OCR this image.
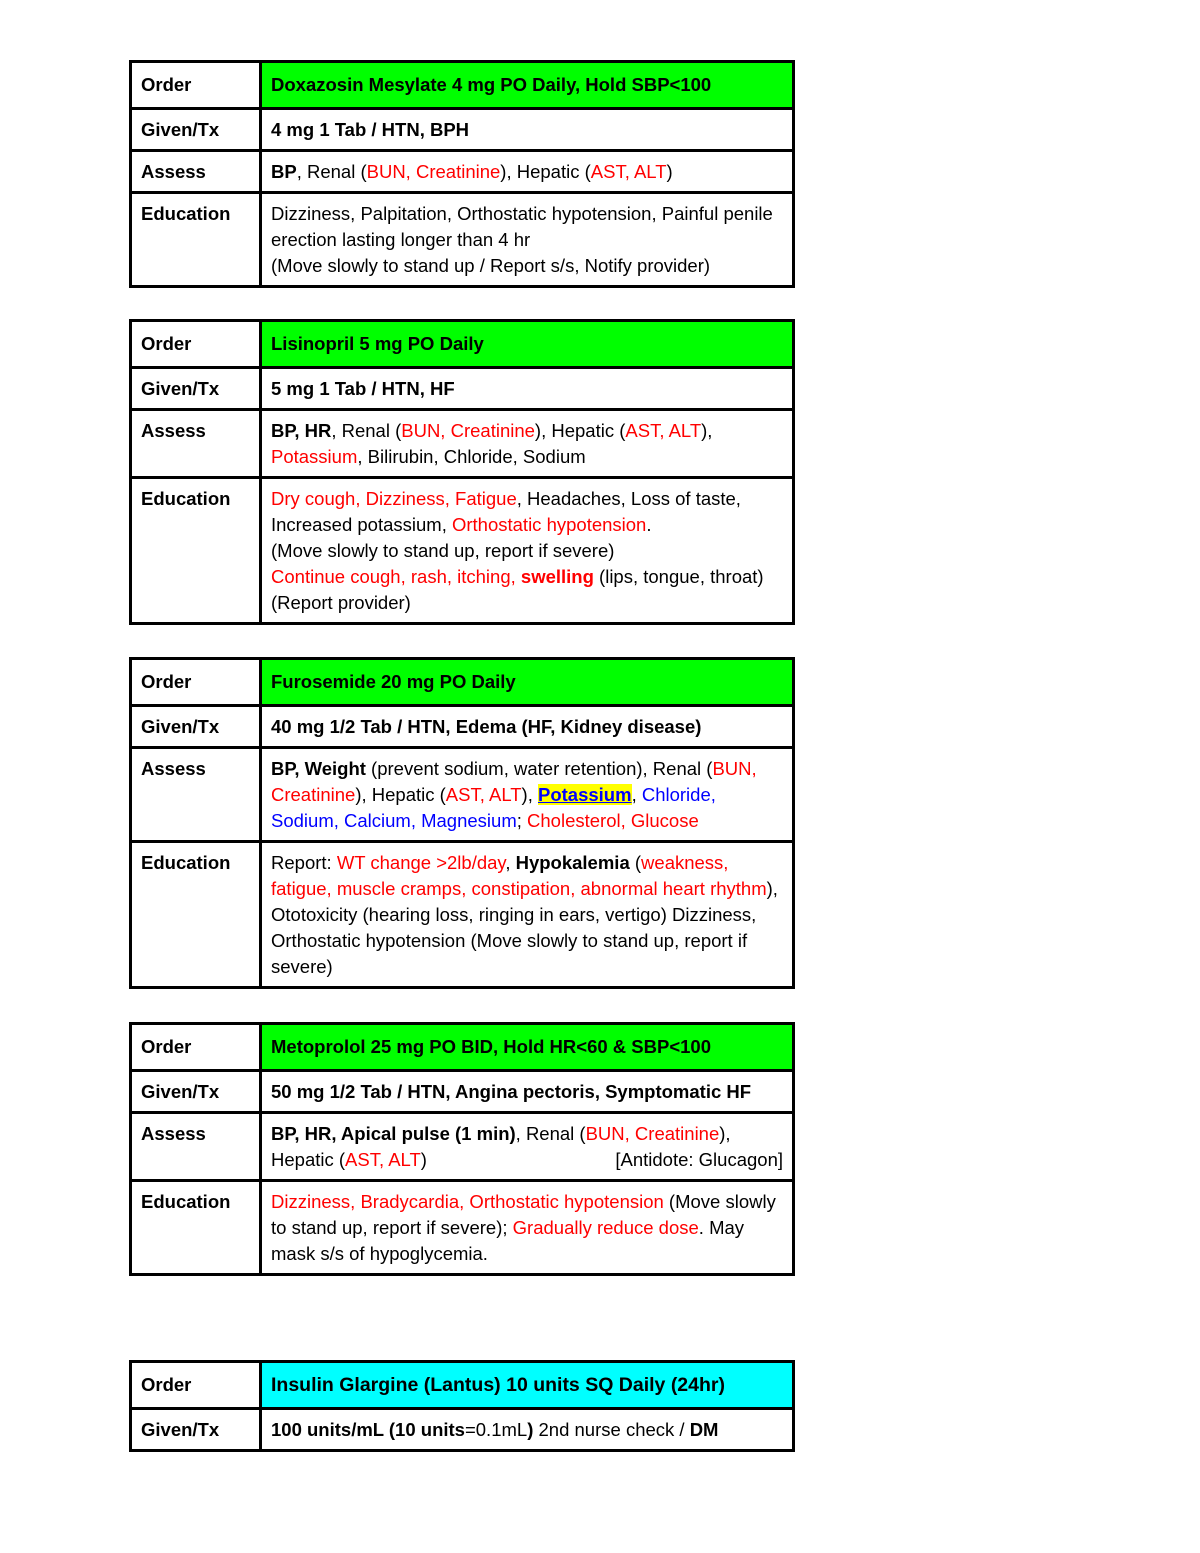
Order	Doxazosin Mesylate 4 mg PO Daily, Hold SBP<100
Given/Tx	4 mg 1 Tab / HTN, BPH
Assess	BP, Renal (BUN, Creatinine), Hepatic (AST, ALT)
Education	Dizziness, Palpitation, Orthostatic hypotension, Painful penile erection lasting longer than 4 hr
(Move slowly to stand up / Report s/s, Notify provider)
Order	Lisinopril 5 mg PO Daily
Given/Tx	5 mg 1 Tab / HTN, HF
Assess	BP, HR, Renal (BUN, Creatinine), Hepatic (AST, ALT),
Potassium, Bilirubin, Chloride, Sodium
Education	Dry cough, Dizziness, Fatigue, Headaches, Loss of taste, Increased potassium, Orthostatic hypotension.
(Move slowly to stand up, report if severe)
Continue cough, rash, itching, swelling (lips, tongue, throat)
(Report provider)
Order	Furosemide 20 mg PO Daily
Given/Tx	40 mg 1/2 Tab / HTN, Edema (HF, Kidney disease)
Assess	BP, Weight (prevent sodium, water retention), Renal (BUN, Creatinine), Hepatic (AST, ALT), Potassium, Chloride, Sodium, Calcium, Magnesium; Cholesterol, Glucose
Education	Report: WT change >2lb/day, Hypokalemia (weakness, fatigue, muscle cramps, constipation, abnormal heart rhythm), Ototoxicity (hearing loss, ringing in ears, vertigo) Dizziness, Orthostatic hypotension (Move slowly to stand up, report if severe)
Order	Metoprolol 25 mg PO BID, Hold HR<60 & SBP<100
Given/Tx	50 mg 1/2 Tab / HTN, Angina pectoris, Symptomatic HF
Assess	BP, HR, Apical pulse (1 min), Renal (BUN, Creatinine), Hepatic (AST, ALT) [Antidote: Glucagon]

Education	Dizziness, Bradycardia, Orthostatic hypotension (Move slowly to stand up, report if severe); Gradually reduce dose. May mask s/s of hypoglycemia.
Order	Insulin Glargine (Lantus) 10 units SQ Daily (24hr)
Given/Tx	100 units/mL (10 units=0.1mL) 2nd nurse check / DM
